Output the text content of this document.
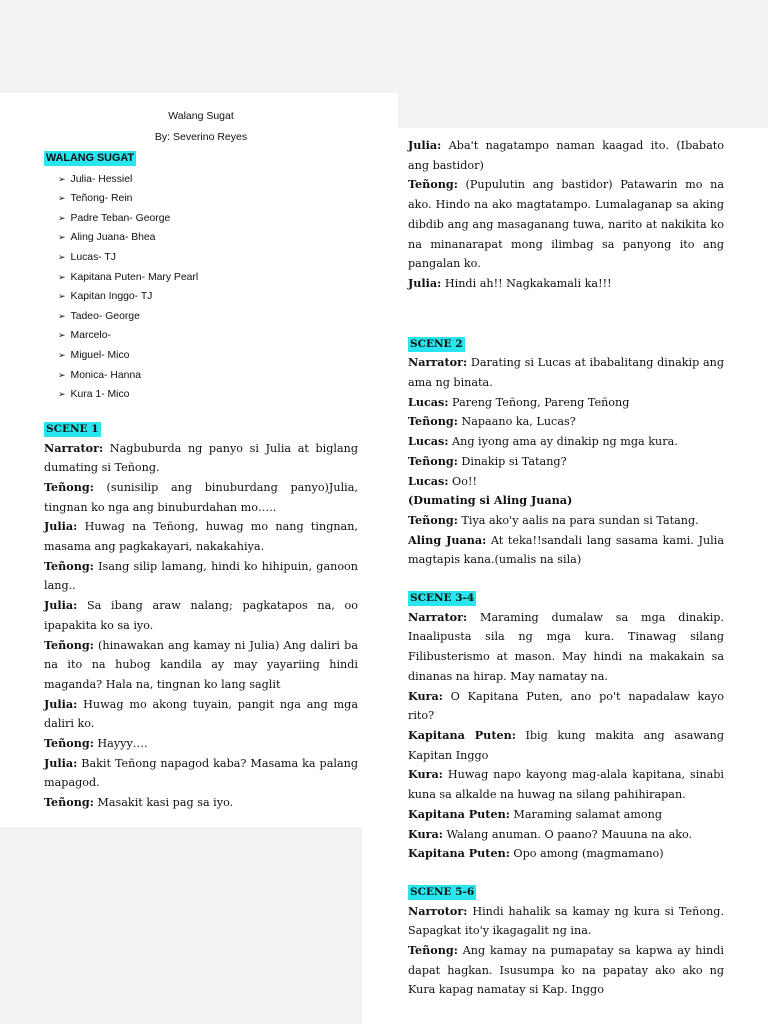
Walang Sugat
By: Severino Reyes
WALANG SUGAT
➢ Julia- Hessiel
➢ Teñong- Rein
➢ Padre Teban- George
➢ Aling Juana- Bhea
➢ Lucas- TJ
➢ Kapitana Puten- Mary Pearl
➢ Kapitan Inggo- TJ
➢ Tadeo- George
➢ Marcelo-
➢ Miguel- Mico
➢ Monica- Hanna
➢ Kura 1- Mico
SCENE 1

Narrator: Nagbuburda ng panyo si Julia at biglang dumating si Teñong.

Teñong: (sunisilip ang binuburdang panyo)Julia, tingnan ko nga ang binuburdahan mo…..

Julia: Huwag na Teñong, huwag mo nang tingnan, masama ang pagkakayari, nakakahiya.

Teñong: Isang silip lamang, hindi ko hihipuin, ganoon lang..

Julia: Sa ibang araw nalang; pagkatapos na, oo ipapakita ko sa iyo.

Teñong: (hinawakan ang kamay ni Julia) Ang daliri ba na ito na hubog kandila ay may yayariing hindi maganda? Hala na, tingnan ko lang saglit

Julia: Huwag mo akong tuyain, pangit nga ang mga daliri ko.

Teñong: Hayyy….

Julia: Bakit Teñong napagod kaba? Masama ka palang mapagod.

Teñong: Masakit kasi pag sa iyo.

Julia: Aba't nagatampo naman kaagad ito. (Ibabato ang bastidor)

Teñong: (Pupulutin ang bastidor) Patawarin mo na ako. Hindo na ako magtatampo. Lumalaganap sa aking dibdib ang ang masaganang tuwa, narito at nakikita ko na minanarapat mong ilimbag sa panyong ito ang pangalan ko.

Julia: Hindi ah!! Nagkakamali ka!!!

SCENE 2

Narrator: Darating si Lucas at ibabalitang dinakip ang ama ng binata.

Lucas: Pareng Teñong, Pareng Teñong

Teñong: Napaano ka, Lucas?

Lucas: Ang iyong ama ay dinakip ng mga kura.

Teñong: Dinakip si Tatang?

Lucas: Oo!!

(Dumating si Aling Juana)

Teñong: Tiya ako'y aalis na para sundan si Tatang.

Aling Juana: At teka!!sandali lang sasama kami. Julia magtapis kana.(umalis na sila)

SCENE 3-4

Narrator: Maraming dumalaw sa mga dinakip. Inaalipusta sila ng mga kura. Tinawag silang Filibusterismo at mason. May hindi na makakain sa dinanas na hirap. May namatay na.

Kura: O Kapitana Puten, ano po't napadalaw kayo rito?

Kapitana Puten: Ibig kung makita ang asawang Kapitan Inggo

Kura: Huwag napo kayong mag-alala kapitana, sinabi kuna sa alkalde na huwag na silang pahihirapan.

Kapitana Puten: Maraming salamat among

Kura: Walang anuman. O paano? Mauuna na ako.

Kapitana Puten: Opo among (magmamano)

SCENE 5-6

Narrotor: Hindi hahalik sa kamay ng kura si Teñong. Sapagkat ito'y ikagagalit ng ina.

Teñong: Ang kamay na pumapatay sa kapwa ay hindi dapat hagkan. Isusumpa ko na papatay ako ako ng Kura kapag namatay si Kap. Inggo
